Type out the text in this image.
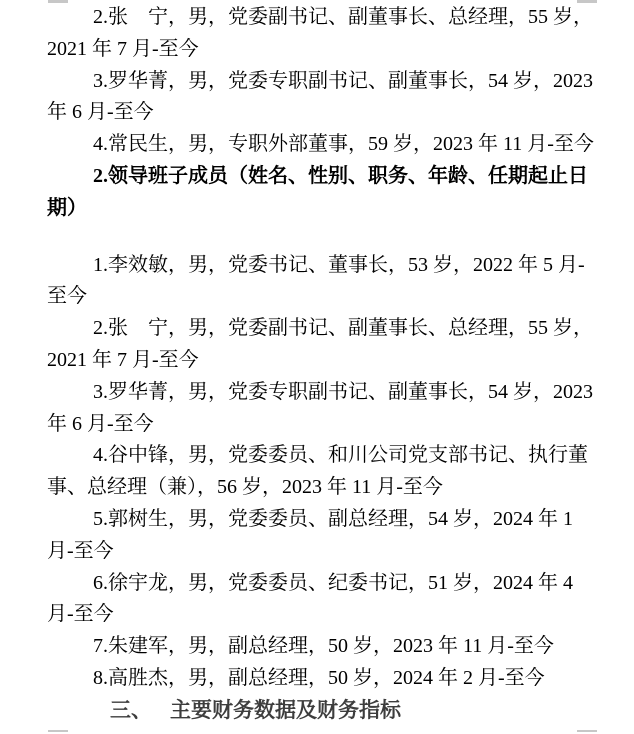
2.张　宁，男，党委副书记、副董事长、总经理，55 岁，
2021 年 7 月-至今
3.罗华菁，男，党委专职副书记、副董事长，54 岁，2023
年 6 月-至今
4.常民生，男，专职外部董事，59 岁，2023 年 11 月-至今
2.领导班子成员（姓名、性别、职务、年龄、任期起止日
期）
1.李效敏，男，党委书记、董事长，53 岁，2022 年 5 月-
至今
2.张　宁，男，党委副书记、副董事长、总经理，55 岁，
2021 年 7 月-至今
3.罗华菁，男，党委专职副书记、副董事长，54 岁，2023
年 6 月-至今
4.谷中锋，男，党委委员、和川公司党支部书记、执行董
事、总经理（兼），56 岁，2023 年 11 月-至今
5.郭树生，男，党委委员、副总经理，54 岁，2024 年 1
月-至今
6.徐宇龙，男，党委委员、纪委书记，51 岁，2024 年 4
月-至今
7.朱建军，男，副总经理，50 岁，2023 年 11 月-至今
8.高胜杰，男，副总经理，50 岁，2024 年 2 月-至今
三、 主要财务数据及财务指标
